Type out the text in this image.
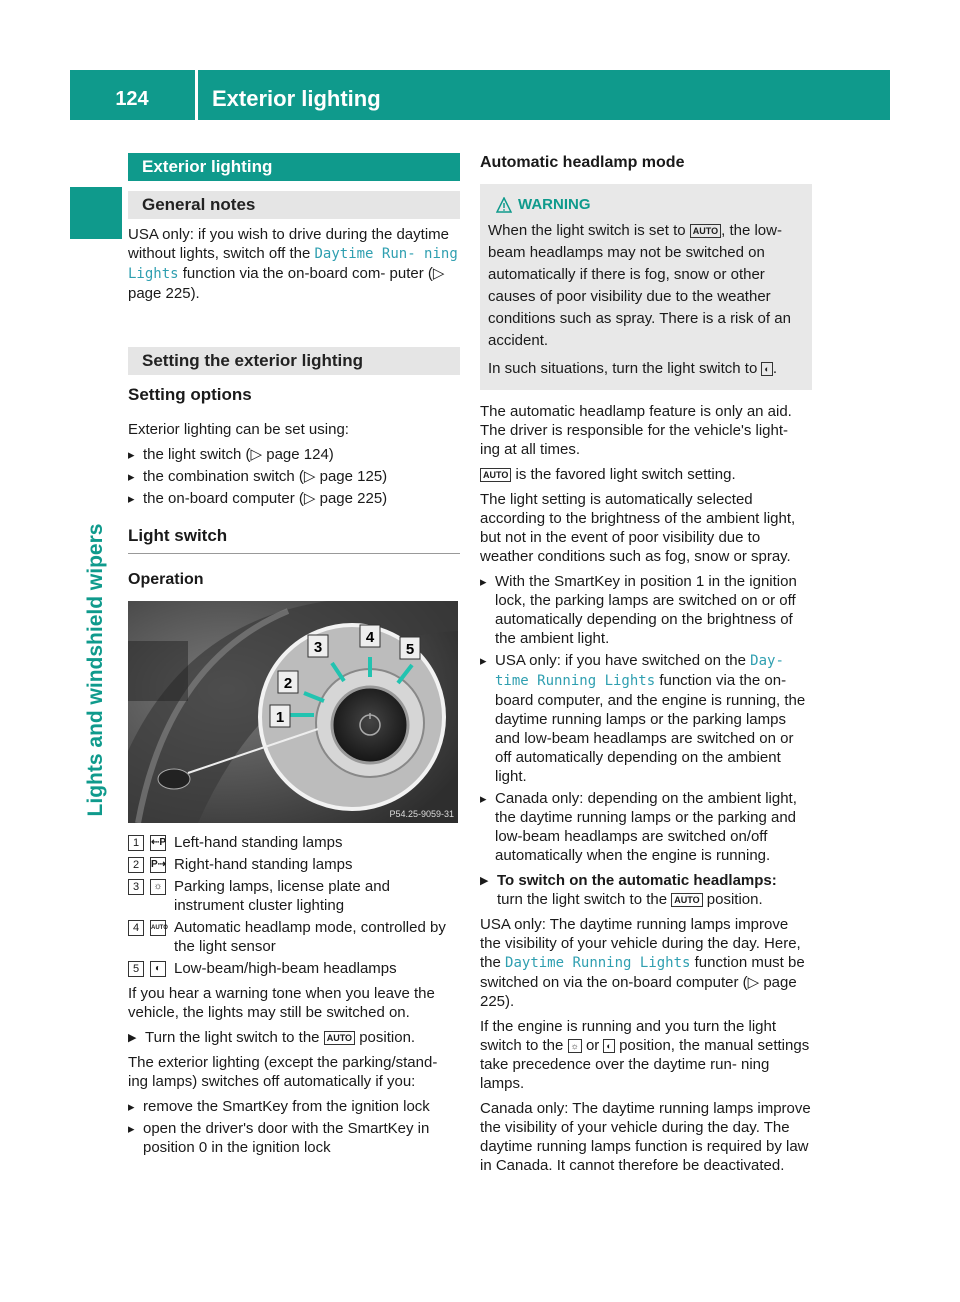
124	Exterior lighting
Lights and windshield wipers
Exterior lighting
General notes

USA only: if you wish to drive during the daytime without lights, switch off the Daytime Run‐ ning Lights function via the on-board com- puter (▷ page 225).

Setting the exterior lighting
Setting options

Exterior lighting can be set using:

▸ the light switch (▷ page 124)
▸ the combination switch (▷ page 125)
▸ the on-board computer (▷ page 225)
Light switch
Operation
1
2
3
4
5
P54.25-9059-31
1	⇠P Left-hand standing lamps
2	P⇢ Right-hand standing lamps
3	☼ Parking lamps, license plate and instrument cluster lighting
4	AUTO Automatic headlamp mode, controlled by the light sensor
5	◐ Low-beam/high-beam headlamps

If you hear a warning tone when you leave the vehicle, the lights may still be switched on.

▶ Turn the light switch to the AUTO position.

The exterior lighting (except the parking/stand- ing lamps) switches off automatically if you:

▸ remove the SmartKey from the ignition lock
▸ open the driver's door with the SmartKey in position 0 in the ignition lock
Automatic headlamp mode
WARNING

When the light switch is set to AUTO , the low- beam headlamps may not be switched on automatically if there is fog, snow or other causes of poor visibility due to the weather conditions such as spray. There is a risk of an accident.

In such situations, turn the light switch to ◐ .

The automatic headlamp feature is only an aid. The driver is responsible for the vehicle's light- ing at all times.

AUTO is the favored light switch setting.

The light setting is automatically selected according to the brightness of the ambient light, but not in the event of poor visibility due to weather conditions such as fog, snow or spray.

▸ With the SmartKey in position 1 in the ignition lock, the parking lamps are switched on or off automatically depending on the brightness of the ambient light.
▸ USA only: if you have switched on the Day‐ time Running Lights function via the on- board computer, and the engine is running, the daytime running lamps or the parking lamps and low-beam headlamps are switched on or off automatically depending on the ambient light.
▸ Canada only: depending on the ambient light, the daytime running lamps or the parking and low-beam headlamps are switched on/off automatically when the engine is running.
▶ To switch on the automatic headlamps:
turn the light switch to the AUTO position.

USA only: The daytime running lamps improve the visibility of your vehicle during the day. Here, the Daytime Running Lights function must be switched on via the on-board computer (▷ page 225).

If the engine is running and you turn the light switch to the ☼ or ◐ position, the manual settings take precedence over the daytime run- ning lamps.

Canada only: The daytime running lamps improve the visibility of your vehicle during the day. The daytime running lamps function is required by law in Canada. It cannot therefore be deactivated.
